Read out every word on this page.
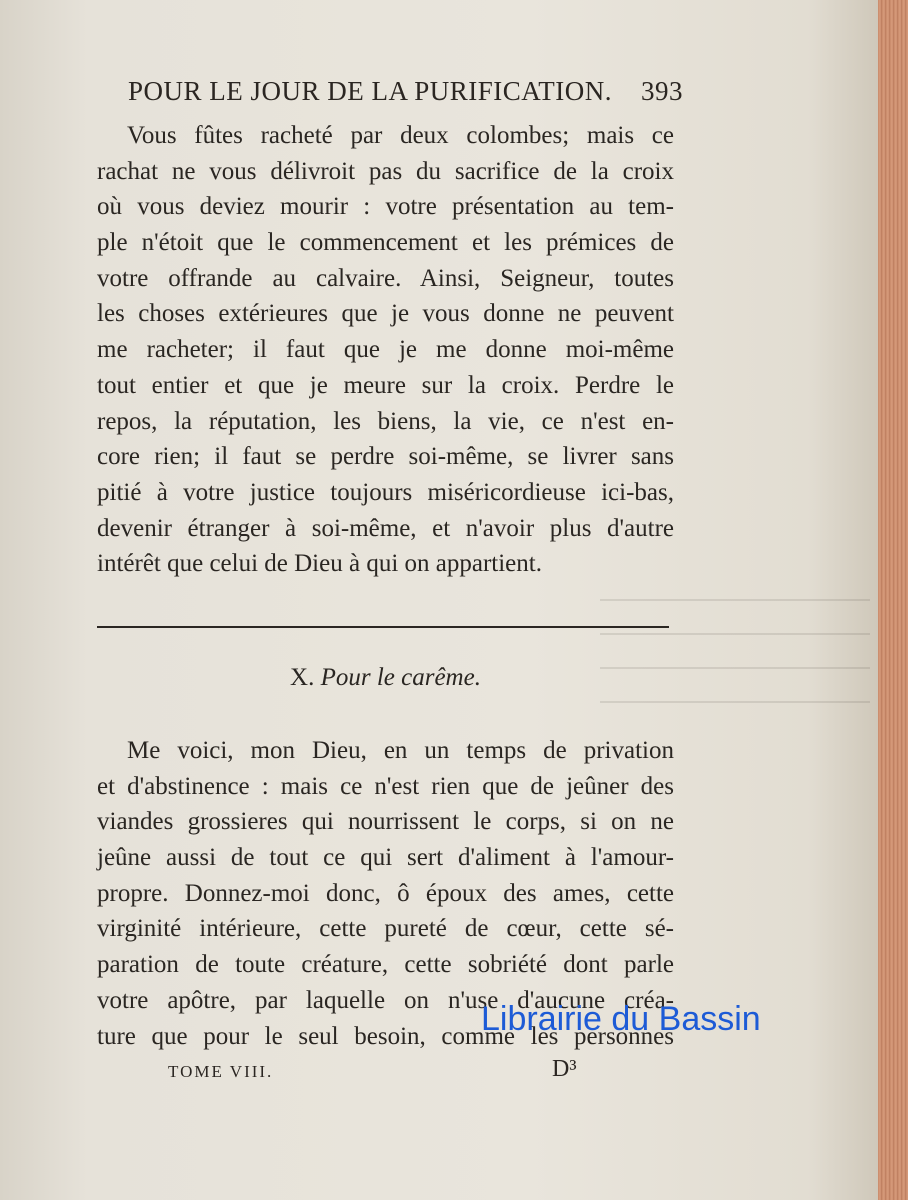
POUR LE JOUR DE LA PURIFICATION. 393
Vous fûtes racheté par deux colombes; mais ce
rachat ne vous délivroit pas du sacrifice de la croix
où vous deviez mourir : votre présentation au tem-
ple n'étoit que le commencement et les prémices de
votre offrande au calvaire. Ainsi, Seigneur, toutes
les choses extérieures que je vous donne ne peuvent
me racheter; il faut que je me donne moi-même
tout entier et que je meure sur la croix. Perdre le
repos, la réputation, les biens, la vie, ce n'est en-
core rien; il faut se perdre soi-même, se livrer sans
pitié à votre justice toujours miséricordieuse ici-bas,
devenir étranger à soi-même, et n'avoir plus d'autre
intérêt que celui de Dieu à qui on appartient.
X. Pour le carême.
Me voici, mon Dieu, en un temps de privation
et d'abstinence : mais ce n'est rien que de jeûner des
viandes grossieres qui nourrissent le corps, si on ne
jeûne aussi de tout ce qui sert d'aliment à l'amour-
propre. Donnez-moi donc, ô époux des ames, cette
virginité intérieure, cette pureté de cœur, cette sé-
paration de toute créature, cette sobriété dont parle
votre apôtre, par laquelle on n'use d'aucune créa-
ture que pour le seul besoin, comme les personnes
TOME VIII.	D³
Librairie du Bassin
